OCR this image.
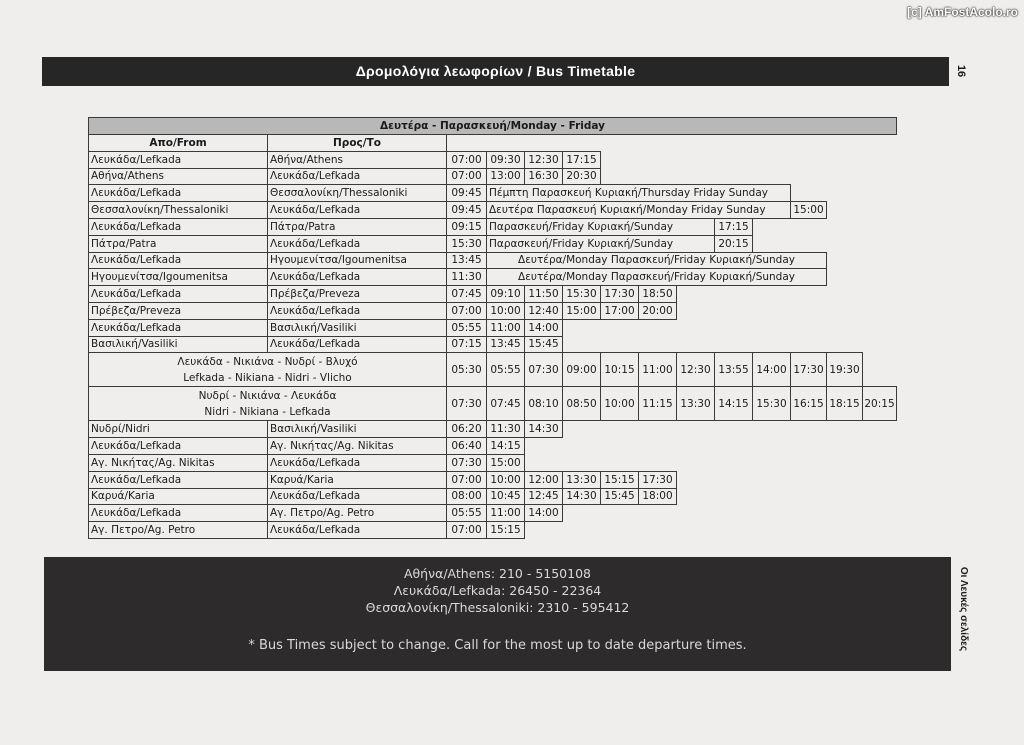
[c] AmFostAcolo.ro
Δρομολόγια λεωφορίων / Bus Timetable	16
Δευτέρα - Παρασκευή/Monday - Friday													
Απο/From	Προς/Το												
Λευκάδα/Lefkada	Αθήνα/Athens	07:00	09:30	12:30	17:15								
Αθήνα/Athens	Λευκάδα/Lefkada	07:00	13:00	16:30	20:30								
Λευκάδα/Lefkada	Θεσσαλονίκη/Thessaloniki	09:45	Πέμπτη Παρασκευή Κυριακή/Thursday Friday Sunday										
Θεσσαλονίκη/Thessaloniki	Λευκάδα/Lefkada	09:45	Δευτέρα Παρασκευή Κυριακή/Monday Friday Sunday								15:00		
Λευκάδα/Lefkada	Πάτρα/Patra	09:15	Παρασκευή/Friday Κυριακή/Sunday						17:15				
Πάτρα/Patra	Λευκάδα/Lefkada	15:30	Παρασκευή/Friday Κυριακή/Sunday						20:15				
Λευκάδα/Lefkada	Ηγουμενίτσα/Igoumenitsa	13:45	Δευτέρα/Monday Παρασκευή/Friday Κυριακή/Sunday										
Ηγουμενίτσα/Igoumenitsa	Λευκάδα/Lefkada	11:30	Δευτέρα/Monday Παρασκευή/Friday Κυριακή/Sunday										
Λευκάδα/Lefkada	Πρέβεζα/Preveza	07:45	09:10	11:50	15:30	17:30	18:50						
Πρέβεζα/Preveza	Λευκάδα/Lefkada	07:00	10:00	12:40	15:00	17:00	20:00						
Λευκάδα/Lefkada	Βασιλική/Vasiliki	05:55	11:00	14:00									
Βασιλική/Vasiliki	Λευκάδα/Lefkada	07:15	13:45	15:45									
Λευκάδα - Νικιάνα - Νυδρί - Βλυχό
Lefkada - Nikiana - Nidri - Vlicho		05:30	05:55	07:30	09:00	10:15	11:00	12:30	13:55	14:00	17:30	19:30	
Νυδρί - Νικιάνα - Λευκάδα
Nidri - Nikiana - Lefkada		07:30	07:45	08:10	08:50	10:00	11:15	13:30	14:15	15:30	16:15	18:15	20:15
Νυδρί/Nidri	Βασιλική/Vasiliki	06:20	11:30	14:30									
Λευκάδα/Lefkada	Αγ. Νικήτας/Ag. Nikitas	06:40	14:15										
Αγ. Νικήτας/Ag. Nikitas	Λευκάδα/Lefkada	07:30	15:00										
Λευκάδα/Lefkada	Καρυά/Karia	07:00	10:00	12:00	13:30	15:15	17:30						
Καρυά/Karia	Λευκάδα/Lefkada	08:00	10:45	12:45	14:30	15:45	18:00						
Λευκάδα/Lefkada	Αγ. Πετρο/Ag. Petro	05:55	11:00	14:00									
Αγ. Πετρο/Ag. Petro	Λευκάδα/Lefkada	07:00	15:15										
Αθήνα/Athens: 210 - 5150108
Λευκάδα/Lefkada: 26450 - 22364
Θεσσαλονίκη/Thessaloniki: 2310 - 595412
* Bus Times subject to change. Call for the most up to date departure times.	Οι Λευκές σελίδες
